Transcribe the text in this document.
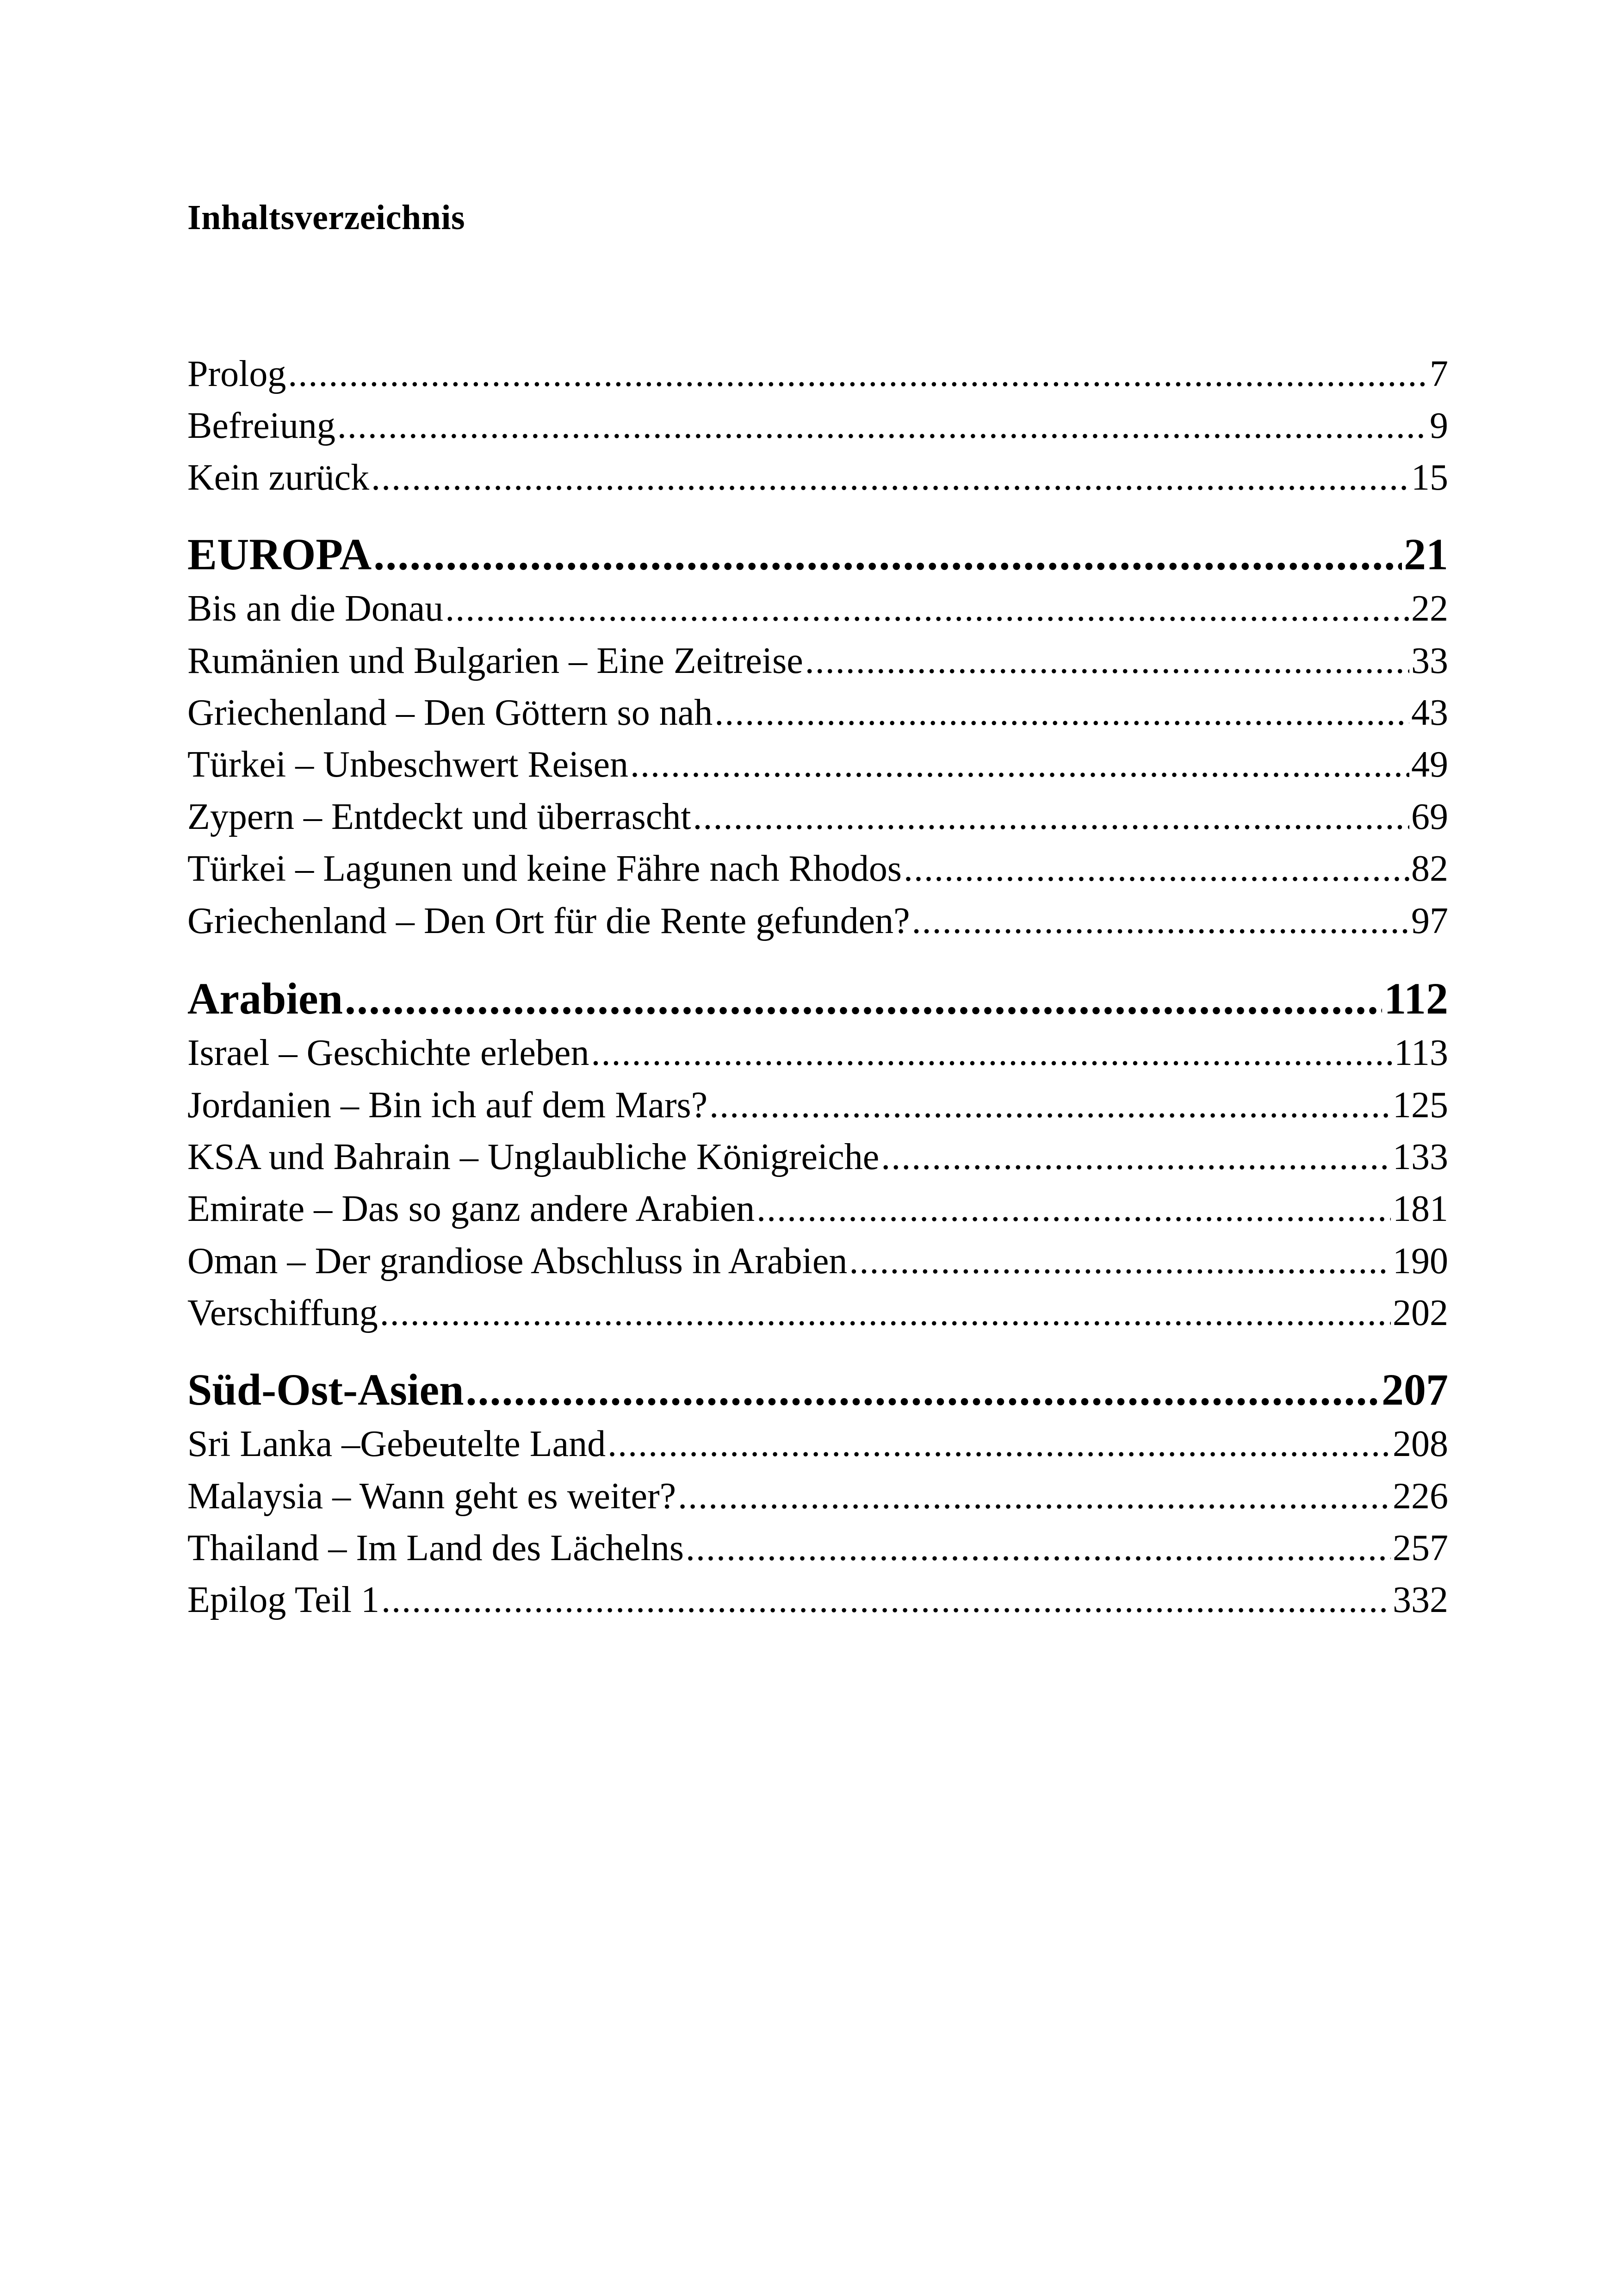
Inhaltsverzeichnis
Prolog .....	7
Befreiung .....	9
Kein zurück .....	15
EUROPA .....	21
Bis an die Donau .....	22
Rumänien und Bulgarien – Eine Zeitreise .....	33
Griechenland – Den Göttern so nah .....	43
Türkei – Unbeschwert Reisen .....	49
Zypern – Entdeckt und überrascht .....	69
Türkei – Lagunen und keine Fähre nach Rhodos .....	82
Griechenland – Den Ort für die Rente gefunden? .....	97
Arabien .....	112
Israel – Geschichte erleben .....	113
Jordanien – Bin ich auf dem Mars? .....	125
KSA und Bahrain – Unglaubliche Königreiche .....	133
Emirate – Das so ganz andere Arabien .....	181
Oman – Der grandiose Abschluss in Arabien .....	190
Verschiffung .....	202
Süd-Ost-Asien .....	207
Sri Lanka –Gebeutelte Land .....	208
Malaysia – Wann geht es weiter? .....	226
Thailand – Im Land des Lächelns .....	257
Epilog Teil 1 .....	332
